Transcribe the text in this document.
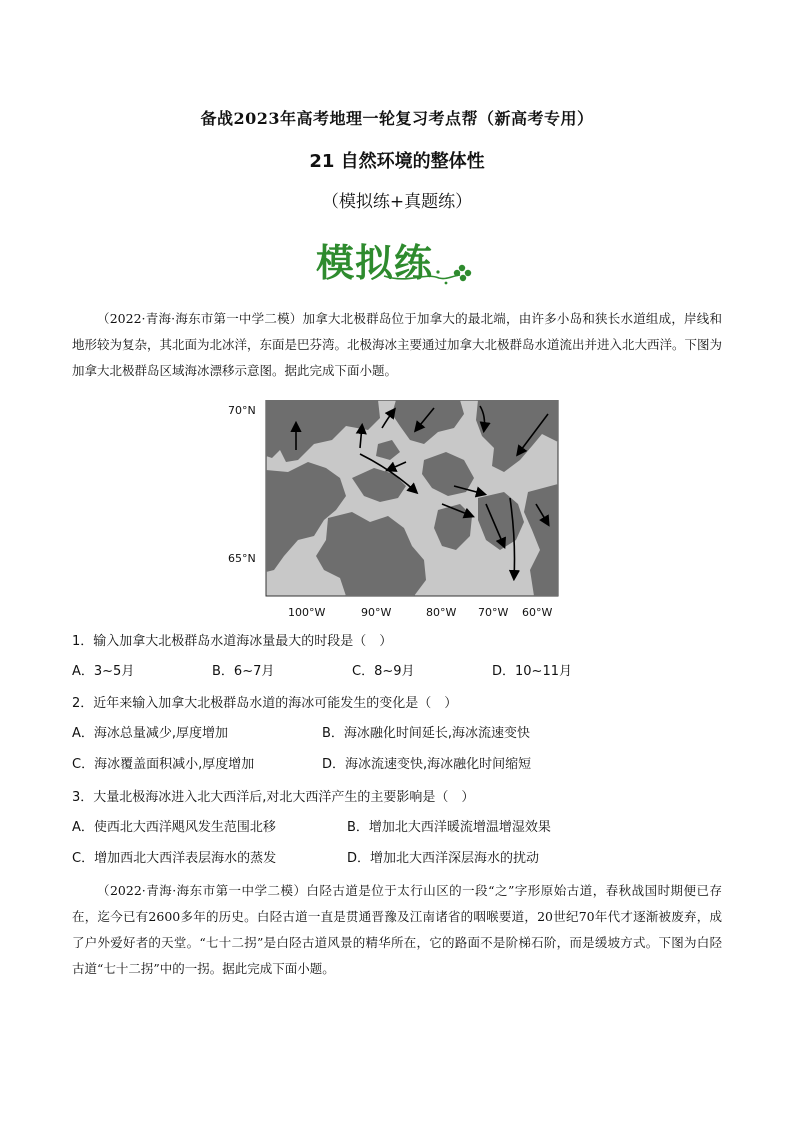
备战2023年高考地理一轮复习考点帮（新高考专用）
21 自然环境的整体性
（模拟练+真题练）
模拟练

（2022·青海·海东市第一中学二模）加拿大北极群岛位于加拿大的最北端，由许多小岛和狭长水道组成，岸线和地形较为复杂，其北面为北冰洋，东面是巴芬湾。北极海冰主要通过加拿大北极群岛水道流出并进入北大西洋。下图为加拿大北极群岛区域海冰漂移示意图。据此完成下面小题。

70°N
65°N
100°W	90°W	80°W 70°W 60°W
1．输入加拿大北极群岛水道海冰量最大的时段是（　）
A．3~5月	B．6~7月	C．8~9月	D．10~11月
2．近年来输入加拿大北极群岛水道的海冰可能发生的变化是（　）
A．海冰总量减少,厚度增加	B．海冰融化时间延长,海冰流速变快
C．海冰覆盖面积减小,厚度增加	D．海冰流速变快,海冰融化时间缩短
3．大量北极海冰进入北大西洋后,对北大西洋产生的主要影响是（　）
A．使西北大西洋飓风发生范围北移	B．增加北大西洋暖流增温增湿效果
C．增加西北大西洋表层海水的蒸发	D．增加北大西洋深层海水的扰动

（2022·青海·海东市第一中学二模）白陉古道是位于太行山区的一段“之”字形原始古道，春秋战国时期便已存在，迄今已有2600多年的历史。白陉古道一直是贯通晋豫及江南诸省的咽喉要道，20世纪70年代才逐渐被废弃，成了户外爱好者的天堂。“七十二拐”是白陉古道风景的精华所在，它的路面不是阶梯石阶，而是缓坡方式。下图为白陉古道“七十二拐”中的一拐。据此完成下面小题。
